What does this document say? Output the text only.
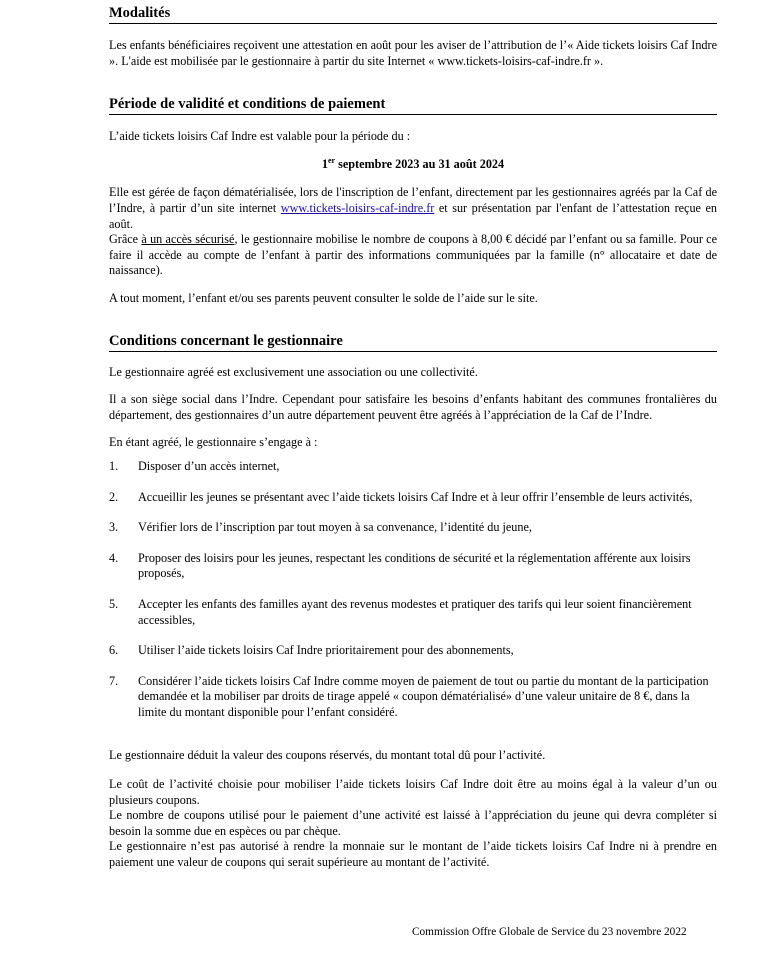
Modalités

Les enfants bénéficiaires reçoivent une attestation en août pour les aviser de l’attribution de l’« Aide tickets loisirs Caf Indre ». L'aide est mobilisée par le gestionnaire à partir du site Internet « www.tickets-loisirs-caf-indre.fr ».

Période de validité et conditions de paiement

L’aide tickets loisirs Caf Indre est valable pour la période du :

1er septembre 2023 au 31 août 2024

Elle est gérée de façon dématérialisée, lors de l'inscription de l’enfant, directement par les gestionnaires agréés par la Caf de l’Indre, à partir d’un site internet www.tickets-loisirs-caf-indre.fr et sur présentation par l'enfant de l’attestation reçue en août.

Grâce à un accès sécurisé, le gestionnaire mobilise le nombre de coupons à 8,00 € décidé par l’enfant ou sa famille. Pour ce faire il accède au compte de l’enfant à partir des informations communiquées par la famille (n° allocataire et date de naissance).

A tout moment, l’enfant et/ou ses parents peuvent consulter le solde de l’aide sur le site.

Conditions concernant le gestionnaire

Le gestionnaire agréé est exclusivement une association ou une collectivité.

Il a son siège social dans l’Indre. Cependant pour satisfaire les besoins d’enfants habitant des communes frontalières du département, des gestionnaires d’un autre département peuvent être agréés à l’appréciation de la Caf de l’Indre.

En étant agréé, le gestionnaire s’engage à :

1. Disposer d’un accès internet,
2. Accueillir les jeunes se présentant avec l’aide tickets loisirs Caf Indre et à leur offrir l’ensemble de leurs activités,
3. Vérifier lors de l’inscription par tout moyen à sa convenance, l’identité du jeune,
4. Proposer des loisirs pour les jeunes, respectant les conditions de sécurité et la réglementation afférente aux loisirs proposés,
5. Accepter les enfants des familles ayant des revenus modestes et pratiquer des tarifs qui leur soient financièrement accessibles,
6. Utiliser l’aide tickets loisirs Caf Indre prioritairement pour des abonnements,
7. Considérer l’aide tickets loisirs Caf Indre comme moyen de paiement de tout ou partie du montant de la participation demandée et la mobiliser par droits de tirage appelé « coupon dématérialisé» d’une valeur unitaire de 8 €, dans la limite du montant disponible pour l’enfant considéré.

Le gestionnaire déduit la valeur des coupons réservés, du montant total dû pour l’activité.

Le coût de l’activité choisie pour mobiliser l’aide tickets loisirs Caf Indre doit être au moins égal à la valeur d’un ou plusieurs coupons.

Le nombre de coupons utilisé pour le paiement d’une activité est laissé à l’appréciation du jeune qui devra compléter si besoin la somme due en espèces ou par chèque.

Le gestionnaire n’est pas autorisé à rendre la monnaie sur le montant de l’aide tickets loisirs Caf Indre ni à prendre en paiement une valeur de coupons qui serait supérieure au montant de l’activité.

Commission Offre Globale de Service du 23 novembre 2022
